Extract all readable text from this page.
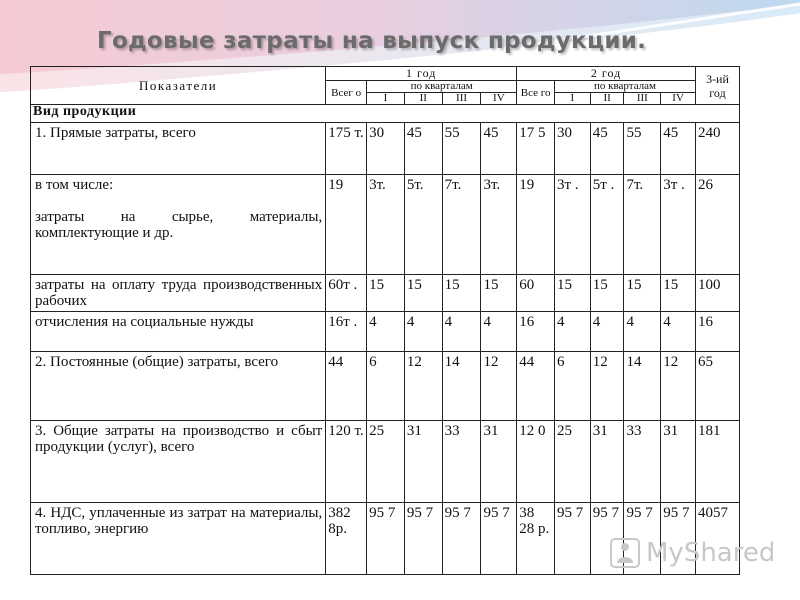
Годовые затраты на выпуск продукции.
Показатели	1 год					2 год					3-ий год
	Всег о	по кварталам				Все го	по кварталам				
		I	II	III	IV		I	II	III	IV	
Вид продукции											
1. Прямые затраты, всего	175 т.	30	45	55	45	17 5	30	45	55	45	240
в том числе:

затраты на сырье, материалы, комплектующие и др.	19	3т.	5т.	7т.	3т.	19	3т .	5т .	7т.	3т .	26
затраты на оплату труда производственных рабочих	60т .	15	15	15	15	60	15	15	15	15	100
отчисления на социальные нужды	16т .	4	4	4	4	16	4	4	4	4	16
2. Постоянные (общие) затраты, всего	44	6	12	14	12	44	6	12	14	12	65
3. Общие затраты на производство и сбыт продукции (услуг), всего	120 т.	25	31	33	31	12 0	25	31	33	31	181
4. НДС, уплаченные из затрат на материалы, топливо, энергию	382 8р.	95 7	95 7	95 7	95 7	38 28 р.	95 7	95 7	95 7	95 7	4057
MyShared
